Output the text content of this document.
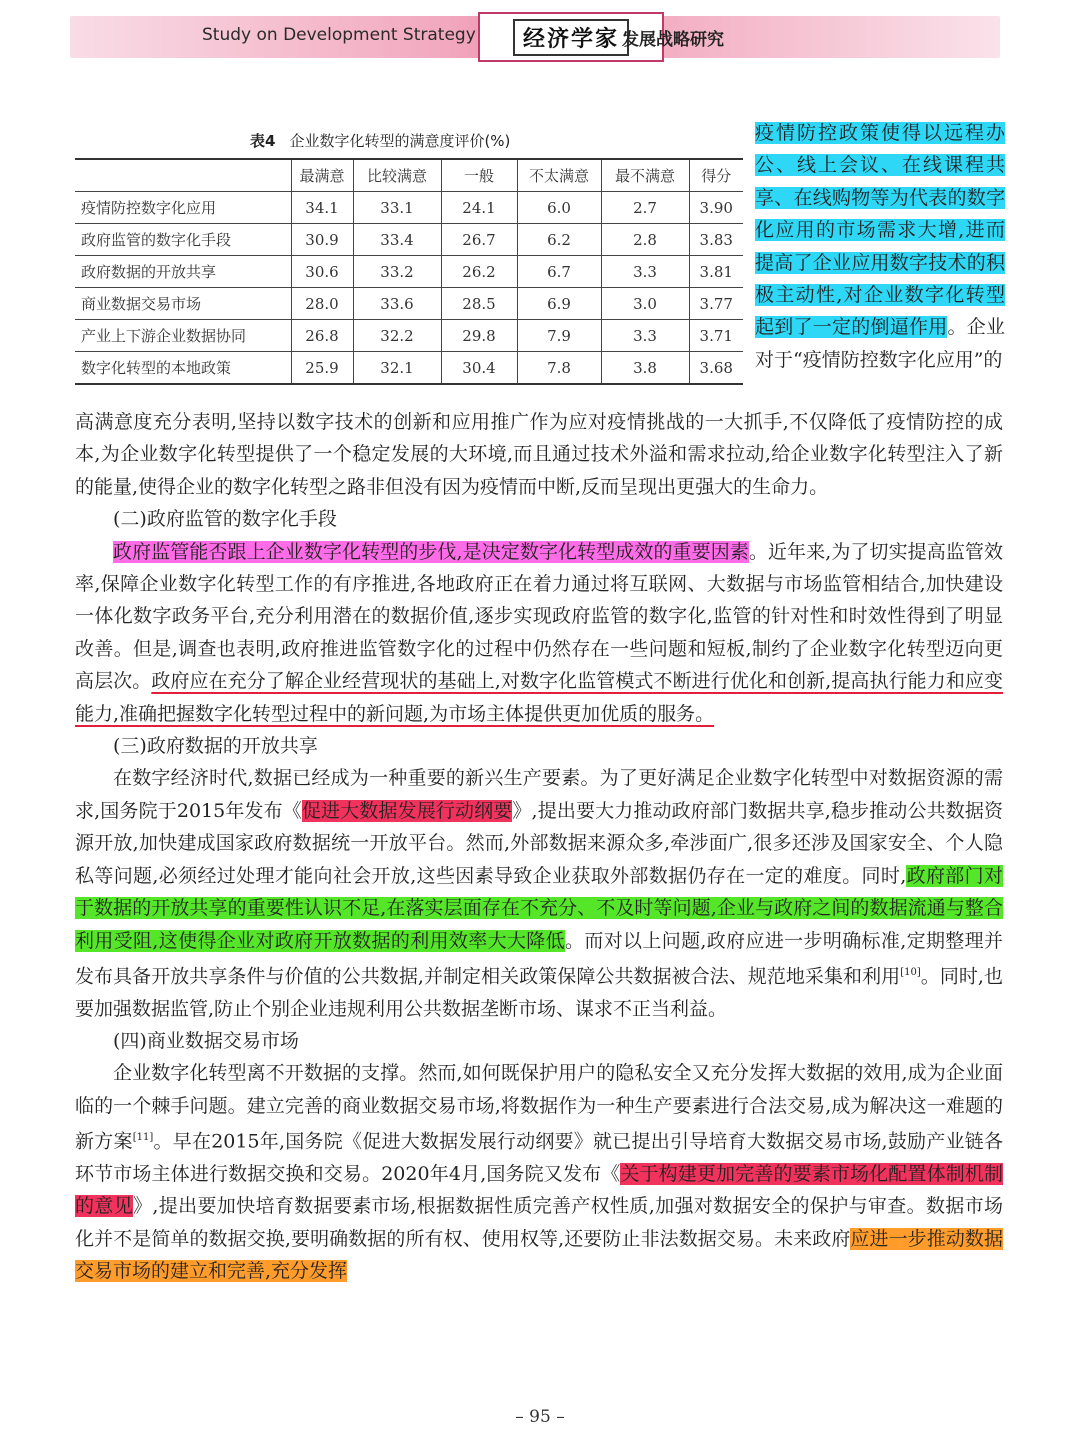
Study on Development Strategy	经济学家 发展战略研究
表4 企业数字化转型的满意度评价(%)
	最满意	比较满意	一般	不太满意	最不满意	得分
疫情防控数字化应用	34.1	33.1	24.1	6.0	2.7	3.90
政府监管的数字化手段	30.9	33.4	26.7	6.2	2.8	3.83
政府数据的开放共享	30.6	33.2	26.2	6.7	3.3	3.81
商业数据交易市场	28.0	33.6	28.5	6.9	3.0	3.77
产业上下游企业数据协同	26.8	32.2	29.8	7.9	3.3	3.71
数字化转型的本地政策	25.9	32.1	30.4	7.8	3.8	3.68
疫情防控政策使得以远程办公、线上会议、在线课程共享、在线购物等为代表的数字化应用的市场需求大增,进而提高了企业应用数字技术的积极主动性,对企业数字化转型起到了一定的倒逼作用。企业对于“疫情防控数字化应用”的

高满意度充分表明,坚持以数字技术的创新和应用推广作为应对疫情挑战的一大抓手,不仅降低了疫情防控的成本,为企业数字化转型提供了一个稳定发展的大环境,而且通过技术外溢和需求拉动,给企业数字化转型注入了新的能量,使得企业的数字化转型之路非但没有因为疫情而中断,反而呈现出更强大的生命力。

(二)政府监管的数字化手段

政府监管能否跟上企业数字化转型的步伐,是决定数字化转型成效的重要因素。近年来,为了切实提高监管效率,保障企业数字化转型工作的有序推进,各地政府正在着力通过将互联网、大数据与市场监管相结合,加快建设一体化数字政务平台,充分利用潜在的数据价值,逐步实现政府监管的数字化,监管的针对性和时效性得到了明显改善。但是,调查也表明,政府推进监管数字化的过程中仍然存在一些问题和短板,制约了企业数字化转型迈向更高层次。政府应在充分了解企业经营现状的基础上,对数字化监管模式不断进行优化和创新,提高执行能力和应变能力,准确把握数字化转型过程中的新问题,为市场主体提供更加优质的服务。

(三)政府数据的开放共享

在数字经济时代,数据已经成为一种重要的新兴生产要素。为了更好满足企业数字化转型中对数据资源的需求,国务院于2015年发布《促进大数据发展行动纲要》,提出要大力推动政府部门数据共享,稳步推动公共数据资源开放,加快建成国家政府数据统一开放平台。然而,外部数据来源众多,牵涉面广,很多还涉及国家安全、个人隐私等问题,必须经过处理才能向社会开放,这些因素导致企业获取外部数据仍存在一定的难度。同时,政府部门对于数据的开放共享的重要性认识不足,在落实层面存在不充分、不及时等问题,企业与政府之间的数据流通与整合利用受阻,这使得企业对政府开放数据的利用效率大大降低。而对以上问题,政府应进一步明确标准,定期整理并发布具备开放共享条件与价值的公共数据,并制定相关政策保障公共数据被合法、规范地采集和利用[10]。同时,也要加强数据监管,防止个别企业违规利用公共数据垄断市场、谋求不正当利益。

(四)商业数据交易市场

企业数字化转型离不开数据的支撑。然而,如何既保护用户的隐私安全又充分发挥大数据的效用,成为企业面临的一个棘手问题。建立完善的商业数据交易市场,将数据作为一种生产要素进行合法交易,成为解决这一难题的新方案[11]。早在2015年,国务院《促进大数据发展行动纲要》就已提出引导培育大数据交易市场,鼓励产业链各环节市场主体进行数据交换和交易。2020年4月,国务院又发布《关于构建更加完善的要素市场化配置体制机制的意见》,提出要加快培育数据要素市场,根据数据性质完善产权性质,加强对数据安全的保护与审查。数据市场化并不是简单的数据交换,要明确数据的所有权、使用权等,还要防止非法数据交易。未来政府应进一步推动数据交易市场的建立和完善,充分发挥

– 95 –
